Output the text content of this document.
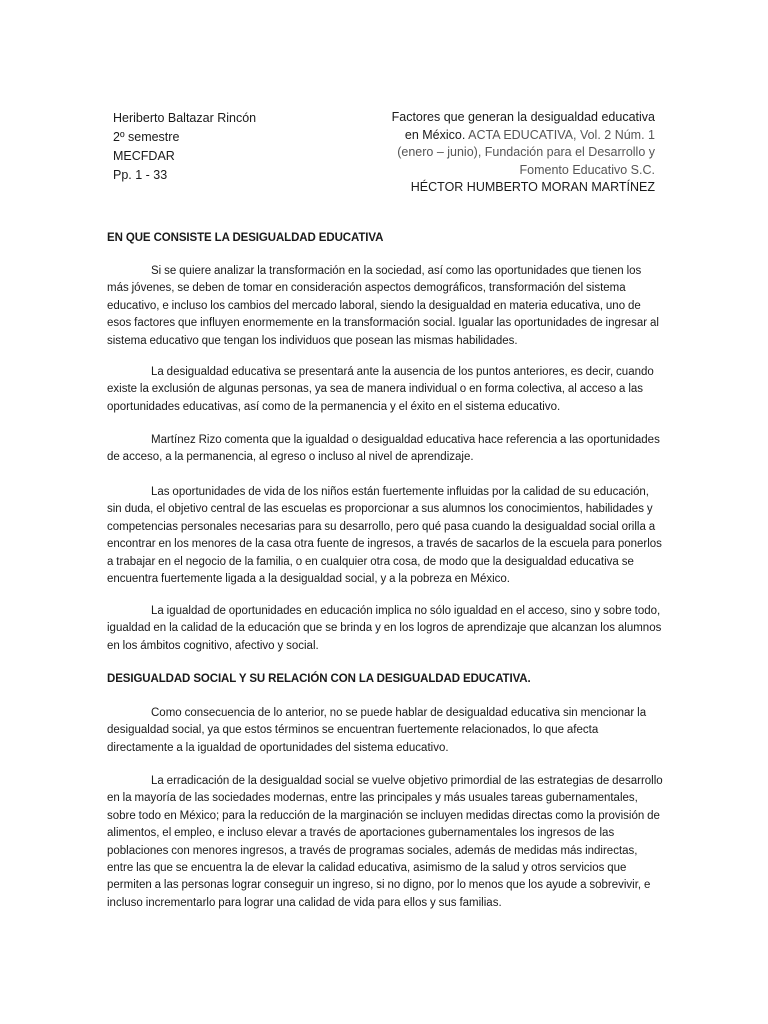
Heriberto Baltazar Rincón
2º semestre
MECFDAR
Pp. 1 - 33
Factores que generan la desigualdad educativa
en México. ACTA EDUCATIVA, Vol. 2 Núm. 1
(enero – junio), Fundación para el Desarrollo y
Fomento Educativo S.C.
HÉCTOR HUMBERTO MORAN MARTÍNEZ
EN QUE CONSISTE LA DESIGUALDAD EDUCATIVA
Si se quiere analizar la transformación en la sociedad, así como las oportunidades que tienen los más jóvenes, se deben de tomar en consideración aspectos demográficos, transformación del sistema educativo, e incluso los cambios del mercado laboral, siendo la desigualdad en materia educativa, uno de esos factores que influyen enormemente en la transformación social. Igualar las oportunidades de ingresar al sistema educativo que tengan los individuos que posean las mismas habilidades.
La desigualdad educativa se presentará ante la ausencia de los puntos anteriores, es decir, cuando existe la exclusión de algunas personas, ya sea de manera individual o en forma colectiva, al acceso a las oportunidades educativas, así como de la permanencia y el éxito en el sistema educativo.
Martínez Rizo comenta que la igualdad o desigualdad educativa hace referencia a las oportunidades de acceso, a la permanencia, al egreso o incluso al nivel de aprendizaje.
Las oportunidades de vida de los niños están fuertemente influidas por la calidad de su educación, sin duda, el objetivo central de las escuelas es proporcionar a sus alumnos los conocimientos, habilidades y competencias personales necesarias para su desarrollo, pero qué pasa cuando la desigualdad social orilla a encontrar en los menores de la casa otra fuente de ingresos, a través de sacarlos de la escuela para ponerlos a trabajar en el negocio de la familia, o en cualquier otra cosa, de modo que la desigualdad educativa se encuentra fuertemente ligada a la desigualdad social, y a la pobreza en México.
La igualdad de oportunidades en educación implica no sólo igualdad en el acceso, sino y sobre todo, igualdad en la calidad de la educación que se brinda y en los logros de aprendizaje que alcanzan los alumnos en los ámbitos cognitivo, afectivo y social.
DESIGUALDAD SOCIAL Y SU RELACIÓN CON LA DESIGUALDAD EDUCATIVA.
Como consecuencia de lo anterior, no se puede hablar de desigualdad educativa sin mencionar la desigualdad social, ya que estos términos se encuentran fuertemente relacionados, lo que afecta directamente a la igualdad de oportunidades del sistema educativo.
La erradicación de la desigualdad social se vuelve objetivo primordial de las estrategias de desarrollo en la mayoría de las sociedades modernas, entre las principales y más usuales tareas gubernamentales, sobre todo en México; para la reducción de la marginación se incluyen medidas directas como la provisión de alimentos, el empleo, e incluso elevar a través de aportaciones gubernamentales los ingresos de las poblaciones con menores ingresos, a través de programas sociales, además de medidas más indirectas, entre las que se encuentra la de elevar la calidad educativa, asimismo de la salud y otros servicios que permiten a las personas lograr conseguir un ingreso, si no digno, por lo menos que los ayude a sobrevivir, e incluso incrementarlo para lograr una calidad de vida para ellos y sus familias.
